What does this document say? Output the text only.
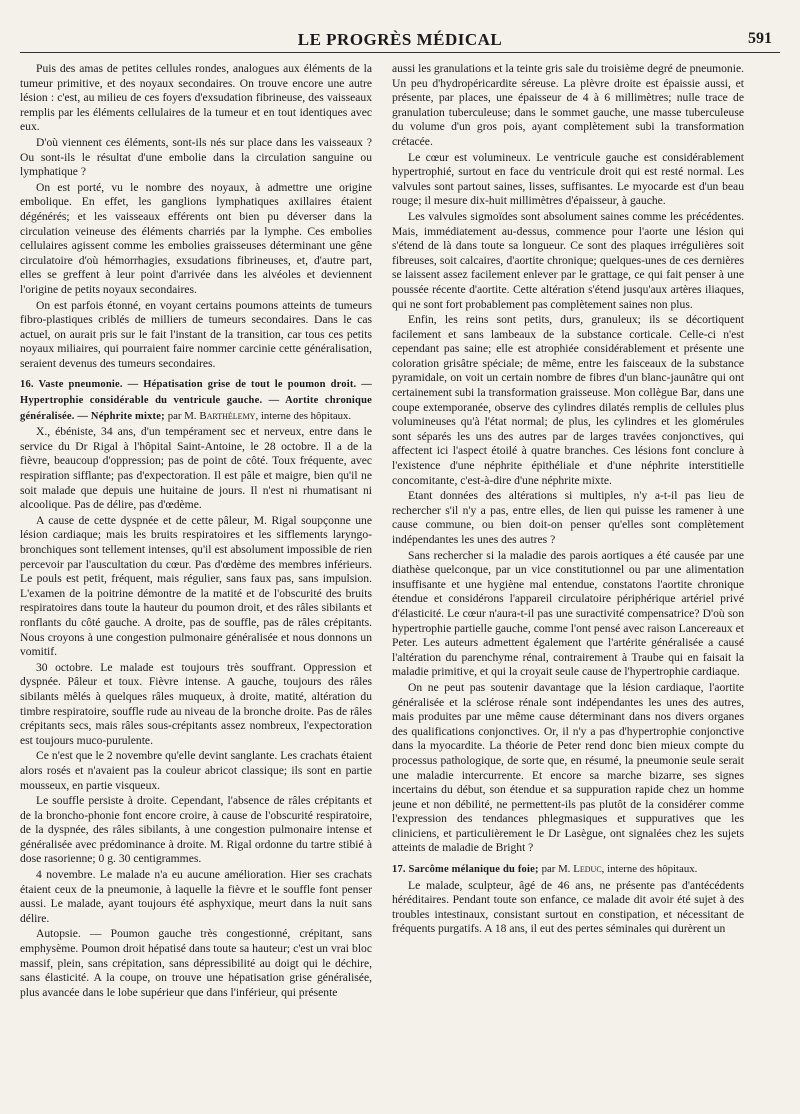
LE PROGRÈS MÉDICAL	591

Puis des amas de petites cellules rondes, analogues aux éléments de la tumeur primitive, et des noyaux secondaires. On trouve encore une autre lésion : c'est, au milieu de ces foyers d'exsudation fibrineuse, des vaisseaux remplis par les éléments cellulaires de la tumeur et en tout identiques avec eux.

D'où viennent ces éléments, sont-ils nés sur place dans les vaisseaux ? Ou sont-ils le résultat d'une embolie dans la circulation sanguine ou lymphatique ?

On est porté, vu le nombre des noyaux, à admettre une origine embolique. En effet, les ganglions lymphatiques axillaires étaient dégénérés; et les vaisseaux efférents ont bien pu déverser dans la circulation veineuse des éléments charriés par la lymphe. Ces embolies cellulaires agissent comme les embolies graisseuses déterminant une gêne circulatoire d'où hémorrhagies, exsudations fibrineuses, et, d'autre part, elles se greffent à leur point d'arrivée dans les alvéoles et deviennent l'origine de petits noyaux secondaires.

On est parfois étonné, en voyant certains poumons atteints de tumeurs fibro-plastiques criblés de milliers de tumeurs secondaires. Dans le cas actuel, on aurait pris sur le fait l'instant de la transition, car tous ces petits noyaux miliaires, qui pourraient faire nommer carcinie cette généralisation, seraient devenus des tumeurs secondaires.

16. Vaste pneumonie. — Hépatisation grise de tout le poumon droit. — Hypertrophie considérable du ventricule gauche. — Aortite chronique généralisée. — Néphrite mixte; par M. Barthélemy, interne des hôpitaux.

X., ébéniste, 34 ans, d'un tempérament sec et nerveux, entre dans le service du Dr Rigal à l'hôpital Saint-Antoine, le 28 octobre. Il a de la fièvre, beaucoup d'oppression; pas de point de côté. Toux fréquente, avec respiration sifflante; pas d'expectoration. Il est pâle et maigre, bien qu'il ne soit malade que depuis une huitaine de jours. Il n'est ni rhumatisant ni alcoolique. Pas de délire, pas d'œdème.

A cause de cette dyspnée et de cette pâleur, M. Rigal soupçonne une lésion cardiaque; mais les bruits respiratoires et les sifflements laryngo-bronchiques sont tellement intenses, qu'il est absolument impossible de rien percevoir par l'auscultation du cœur. Pas d'œdème des membres inférieurs. Le pouls est petit, fréquent, mais régulier, sans faux pas, sans impulsion. L'examen de la poitrine démontre de la matité et de l'obscurité des bruits respiratoires dans toute la hauteur du poumon droit, et des râles sibilants et ronflants du côté gauche. A droite, pas de souffle, pas de râles crépitants. Nous croyons à une congestion pulmonaire généralisée et nous donnons un vomitif.

30 octobre. Le malade est toujours très souffrant. Oppression et dyspnée. Pâleur et toux. Fièvre intense. A gauche, toujours des râles sibilants mêlés à quelques râles muqueux, à droite, matité, altération du timbre respiratoire, souffle rude au niveau de la bronche droite. Pas de râles crépitants secs, mais râles sous-crépitants assez nombreux, l'expectoration est toujours muco-purulente.

Ce n'est que le 2 novembre qu'elle devint sanglante. Les crachats étaient alors rosés et n'avaient pas la couleur abricot classique; ils sont en partie mousseux, en partie visqueux.

Le souffle persiste à droite. Cependant, l'absence de râles crépitants et de la broncho-phonie font encore croire, à cause de l'obscurité respiratoire, de la dyspnée, des râles sibilants, à une congestion pulmonaire intense et généralisée avec prédominance à droite. M. Rigal ordonne du tartre stibié à dose rasorienne; 0 g. 30 centigrammes.

4 novembre. Le malade n'a eu aucune amélioration. Hier ses crachats étaient ceux de la pneumonie, à laquelle la fièvre et le souffle font penser aussi. Le malade, ayant toujours été asphyxique, meurt dans la nuit sans délire.

Autopsie. — Poumon gauche très congestionné, crépitant, sans emphysème. Poumon droit hépatisé dans toute sa hauteur; c'est un vrai bloc massif, plein, sans crépitation, sans dépressibilité au doigt qui le déchire, sans élasticité. A la coupe, on trouve une hépatisation grise généralisée, plus avancée dans le lobe supérieur que dans l'inférieur, qui présente

aussi les granulations et la teinte gris sale du troisième degré de pneumonie. Un peu d'hydropéricardite séreuse. La plèvre droite est épaissie aussi, et présente, par places, une épaisseur de 4 à 6 millimètres; nulle trace de granulation tuberculeuse; dans le sommet gauche, une masse tuberculeuse du volume d'un gros pois, ayant complètement subi la transformation crétacée.

Le cœur est volumineux. Le ventricule gauche est considérablement hypertrophié, surtout en face du ventricule droit qui est resté normal. Les valvules sont partout saines, lisses, suffisantes. Le myocarde est d'un beau rouge; il mesure dix-huit millimètres d'épaisseur, à gauche.

Les valvules sigmoïdes sont absolument saines comme les précédentes. Mais, immédiatement au-dessus, commence pour l'aorte une lésion qui s'étend de là dans toute sa longueur. Ce sont des plaques irrégulières soit fibreuses, soit calcaires, d'aortite chronique; quelques-unes de ces dernières se laissent assez facilement enlever par le grattage, ce qui fait penser à une poussée récente d'aortite. Cette altération s'étend jusqu'aux artères iliaques, qui ne sont fort probablement pas complètement saines non plus.

Enfin, les reins sont petits, durs, granuleux; ils se décortiquent facilement et sans lambeaux de la substance corticale. Celle-ci n'est cependant pas saine; elle est atrophiée considérablement et présente une coloration grisâtre spéciale; de même, entre les faisceaux de la substance pyramidale, on voit un certain nombre de fibres d'un blanc-jaunâtre qui ont certainement subi la transformation graisseuse. Mon collègue Bar, dans une coupe extemporanée, observe des cylindres dilatés remplis de cellules plus volumineuses qu'à l'état normal; de plus, les cylindres et les glomérules sont séparés les uns des autres par de larges travées conjonctives, qui affectent ici l'aspect étoilé à quatre branches. Ces lésions font conclure à l'existence d'une néphrite épithéliale et d'une néphrite interstitielle concomitante, c'est-à-dire d'une néphrite mixte.

Etant données des altérations si multiples, n'y a-t-il pas lieu de rechercher s'il n'y a pas, entre elles, de lien qui puisse les ramener à une cause commune, ou bien doit-on penser qu'elles sont complètement indépendantes les unes des autres ?

Sans rechercher si la maladie des parois aortiques a été causée par une diathèse quelconque, par un vice constitutionnel ou par une alimentation insuffisante et une hygiène mal entendue, constatons l'aortite chronique étendue et considérons l'appareil circulatoire périphérique artériel privé d'élasticité. Le cœur n'aura-t-il pas une suractivité compensatrice? D'où son hypertrophie partielle gauche, comme l'ont pensé avec raison Lancereaux et Peter. Les auteurs admettent également que l'artérite généralisée a causé l'altération du parenchyme rénal, contrairement à Traube qui en faisait la maladie primitive, et qui la croyait seule cause de l'hypertrophie cardiaque.

On ne peut pas soutenir davantage que la lésion cardiaque, l'aortite généralisée et la sclérose rénale sont indépendantes les unes des autres, mais produites par une même cause déterminant dans nos divers organes des qualifications conjonctives. Or, il n'y a pas d'hypertrophie conjonctive dans la myocardite. La théorie de Peter rend donc bien mieux compte du processus pathologique, de sorte que, en résumé, la pneumonie seule serait une maladie intercurrente. Et encore sa marche bizarre, ses signes incertains du début, son étendue et sa suppuration rapide chez un homme jeune et non débilité, ne permettent-ils pas plutôt de la considérer comme l'expression des tendances phlegmasiques et suppuratives que les cliniciens, et particulièrement le Dr Lasègue, ont signalées chez les sujets atteints de maladie de Bright ?

17. Sarcôme mélanique du foie; par M. Leduc, interne des hôpitaux.

Le malade, sculpteur, âgé de 46 ans, ne présente pas d'antécédents héréditaires. Pendant toute son enfance, ce malade dit avoir été sujet à des troubles intestinaux, consistant surtout en constipation, et nécessitant de fréquents purgatifs. A 18 ans, il eut des pertes séminales qui durèrent un
